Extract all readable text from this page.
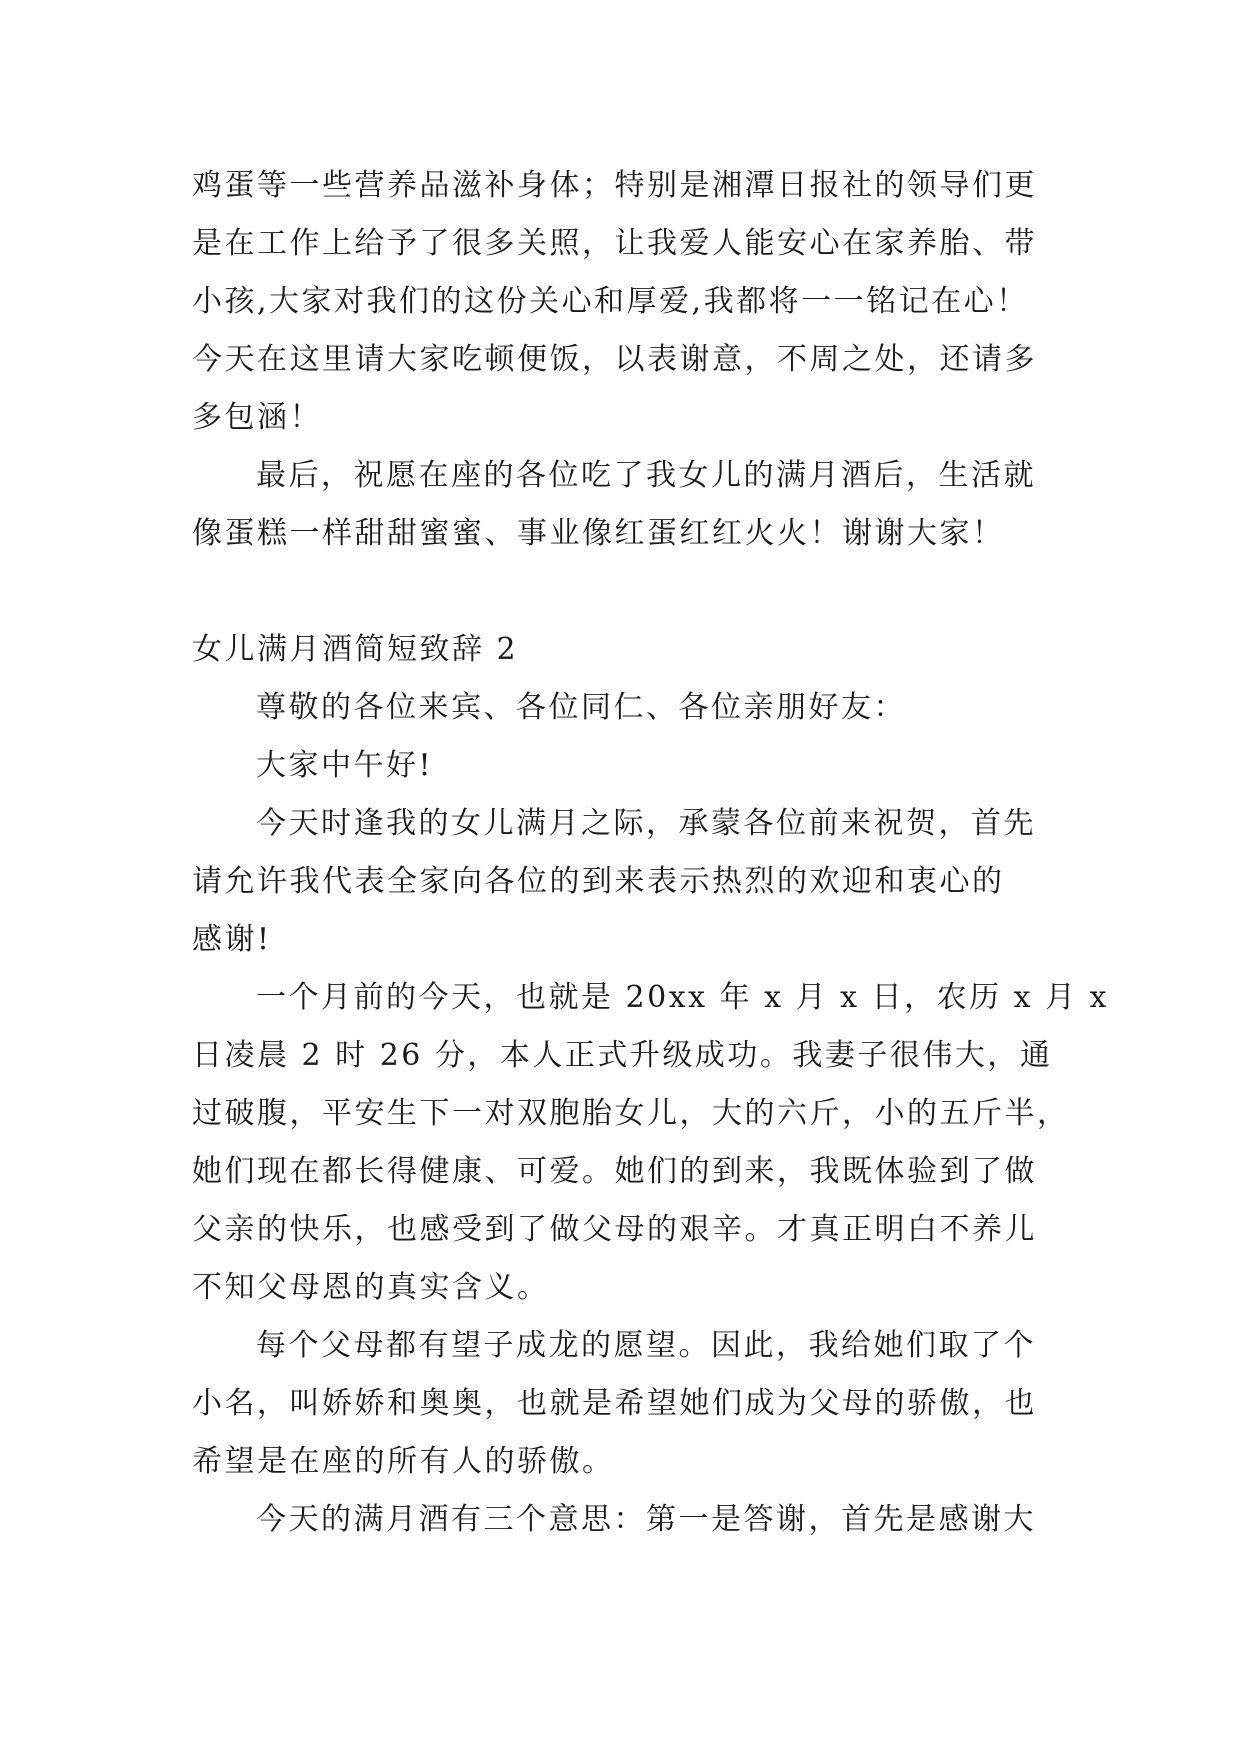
鸡蛋等一些营养品滋补身体；特别是湘潭日报社的领导们更
是在工作上给予了很多关照，让我爱人能安心在家养胎、带
小孩,大家对我们的这份关心和厚爱,我都将一一铭记在心！
今天在这里请大家吃顿便饭，以表谢意，不周之处，还请多
多包涵！
最后，祝愿在座的各位吃了我女儿的满月酒后，生活就
像蛋糕一样甜甜蜜蜜、事业像红蛋红红火火！谢谢大家！
女儿满月酒简短致辞 2
尊敬的各位来宾、各位同仁、各位亲朋好友：
大家中午好!
今天时逢我的女儿满月之际，承蒙各位前来祝贺，首先
请允许我代表全家向各位的到来表示热烈的欢迎和衷心的
感谢!
一个月前的今天，也就是 20xx 年 x 月 x 日，农历 x 月 x
日凌晨 2 时 26 分，本人正式升级成功。我妻子很伟大，通
过破腹，平安生下一对双胞胎女儿，大的六斤，小的五斤半，
她们现在都长得健康、可爱。她们的到来，我既体验到了做
父亲的快乐，也感受到了做父母的艰辛。才真正明白不养儿
不知父母恩的真实含义。
每个父母都有望子成龙的愿望。因此，我给她们取了个
小名，叫娇娇和奥奥，也就是希望她们成为父母的骄傲，也
希望是在座的所有人的骄傲。
今天的满月酒有三个意思：第一是答谢，首先是感谢大
